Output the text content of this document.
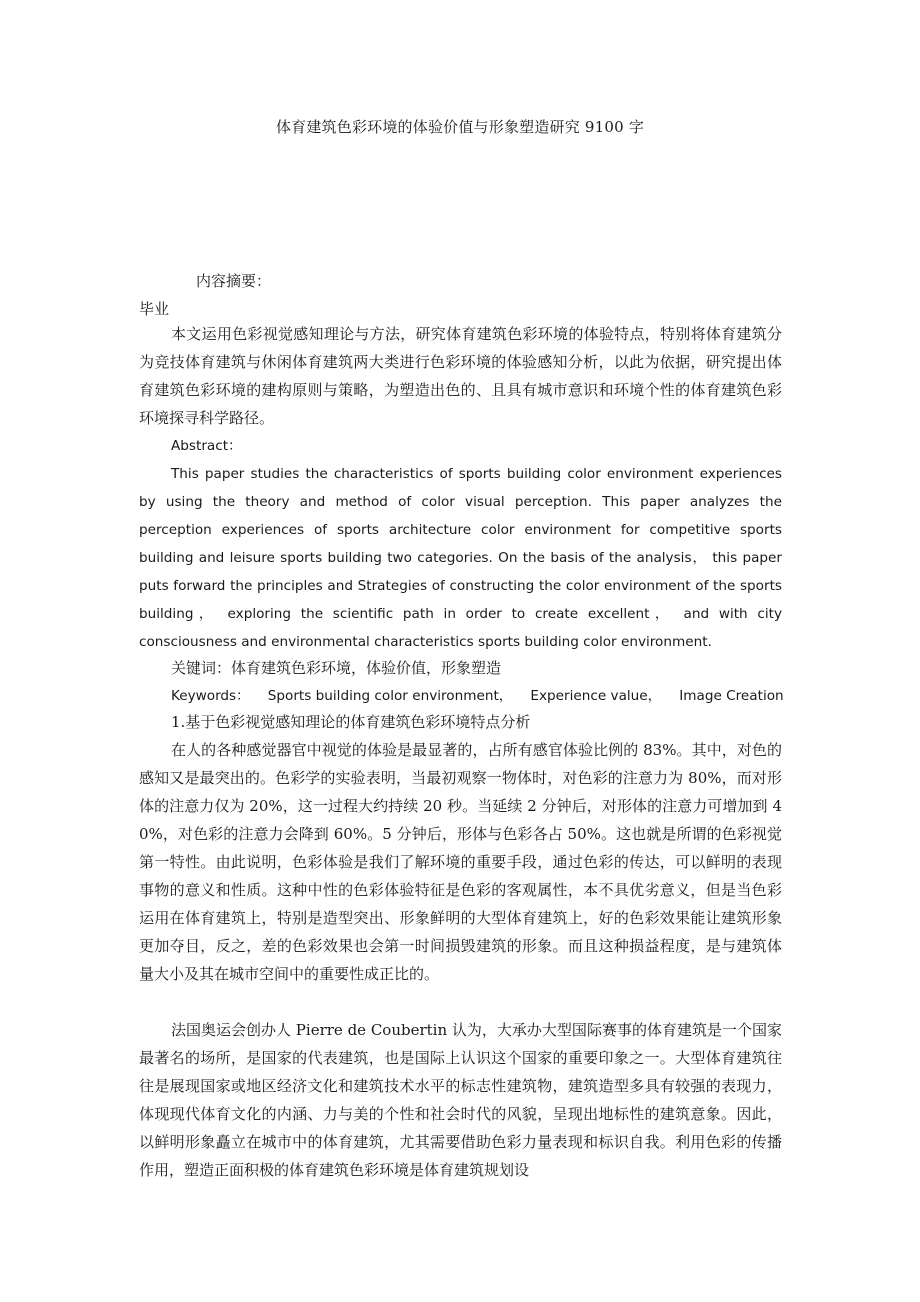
体育建筑色彩环境的体验价值与形象塑造研究 9100 字
内容摘要：
毕业
本文运用色彩视觉感知理论与方法，研究体育建筑色彩环境的体验特点，特别将体育建筑分为竞技体育建筑与休闲体育建筑两大类进行色彩环境的体验感知分析，以此为依据，研究提出体育建筑色彩环境的建构原则与策略，为塑造出色的、且具有城市意识和环境个性的体育建筑色彩环境探寻科学路径。
Abstract：
This paper studies the characteristics of sports building color environment experiences by using the theory and method of color visual perception. This paper analyzes the perception experiences of sports architecture color environment for competitive sports building and leisure sports building two categories. On the basis of the analysis， this paper puts forward the principles and Strategies of constructing the color environment of the sports building， exploring the scientific path in order to create excellent， and with city consciousness and environmental characteristics sports building color environment.
关键词：体育建筑色彩环境，体验价值，形象塑造
Keywords： Sports building color environment， Experience value， Image Creation
1.基于色彩视觉感知理论的体育建筑色彩环境特点分析
在人的各种感觉器官中视觉的体验是最显著的，占所有感官体验比例的 83%。其中，对色的感知又是最突出的。色彩学的实验表明，当最初观察一物体时，对色彩的注意力为 80%，而对形体的注意力仅为 20%，这一过程大约持续 20 秒。当延续 2 分钟后，对形体的注意力可增加到 40%，对色彩的注意力会降到 60%。5 分钟后，形体与色彩各占 50%。这也就是所谓的色彩视觉第一特性。由此说明，色彩体验是我们了解环境的重要手段，通过色彩的传达，可以鲜明的表现事物的意义和性质。这种中性的色彩体验特征是色彩的客观属性，本不具优劣意义，但是当色彩运用在体育建筑上，特别是造型突出、形象鲜明的大型体育建筑上，好的色彩效果能让建筑形象更加夺目，反之，差的色彩效果也会第一时间损毁建筑的形象。而且这种损益程度，是与建筑体量大小及其在城市空间中的重要性成正比的。
法国奥运会创办人 Pierre de Coubertin 认为，大承办大型国际赛事的体育建筑是一个国家最著名的场所，是国家的代表建筑，也是国际上认识这个国家的重要印象之一。大型体育建筑往往是展现国家或地区经济文化和建筑技术水平的标志性建筑物，建筑造型多具有较强的表现力，体现现代体育文化的内涵、力与美的个性和社会时代的风貌，呈现出地标性的建筑意象。因此，以鲜明形象矗立在城市中的体育建筑，尤其需要借助色彩力量表现和标识自我。利用色彩的传播作用，塑造正面积极的体育建筑色彩环境是体育建筑规划设
